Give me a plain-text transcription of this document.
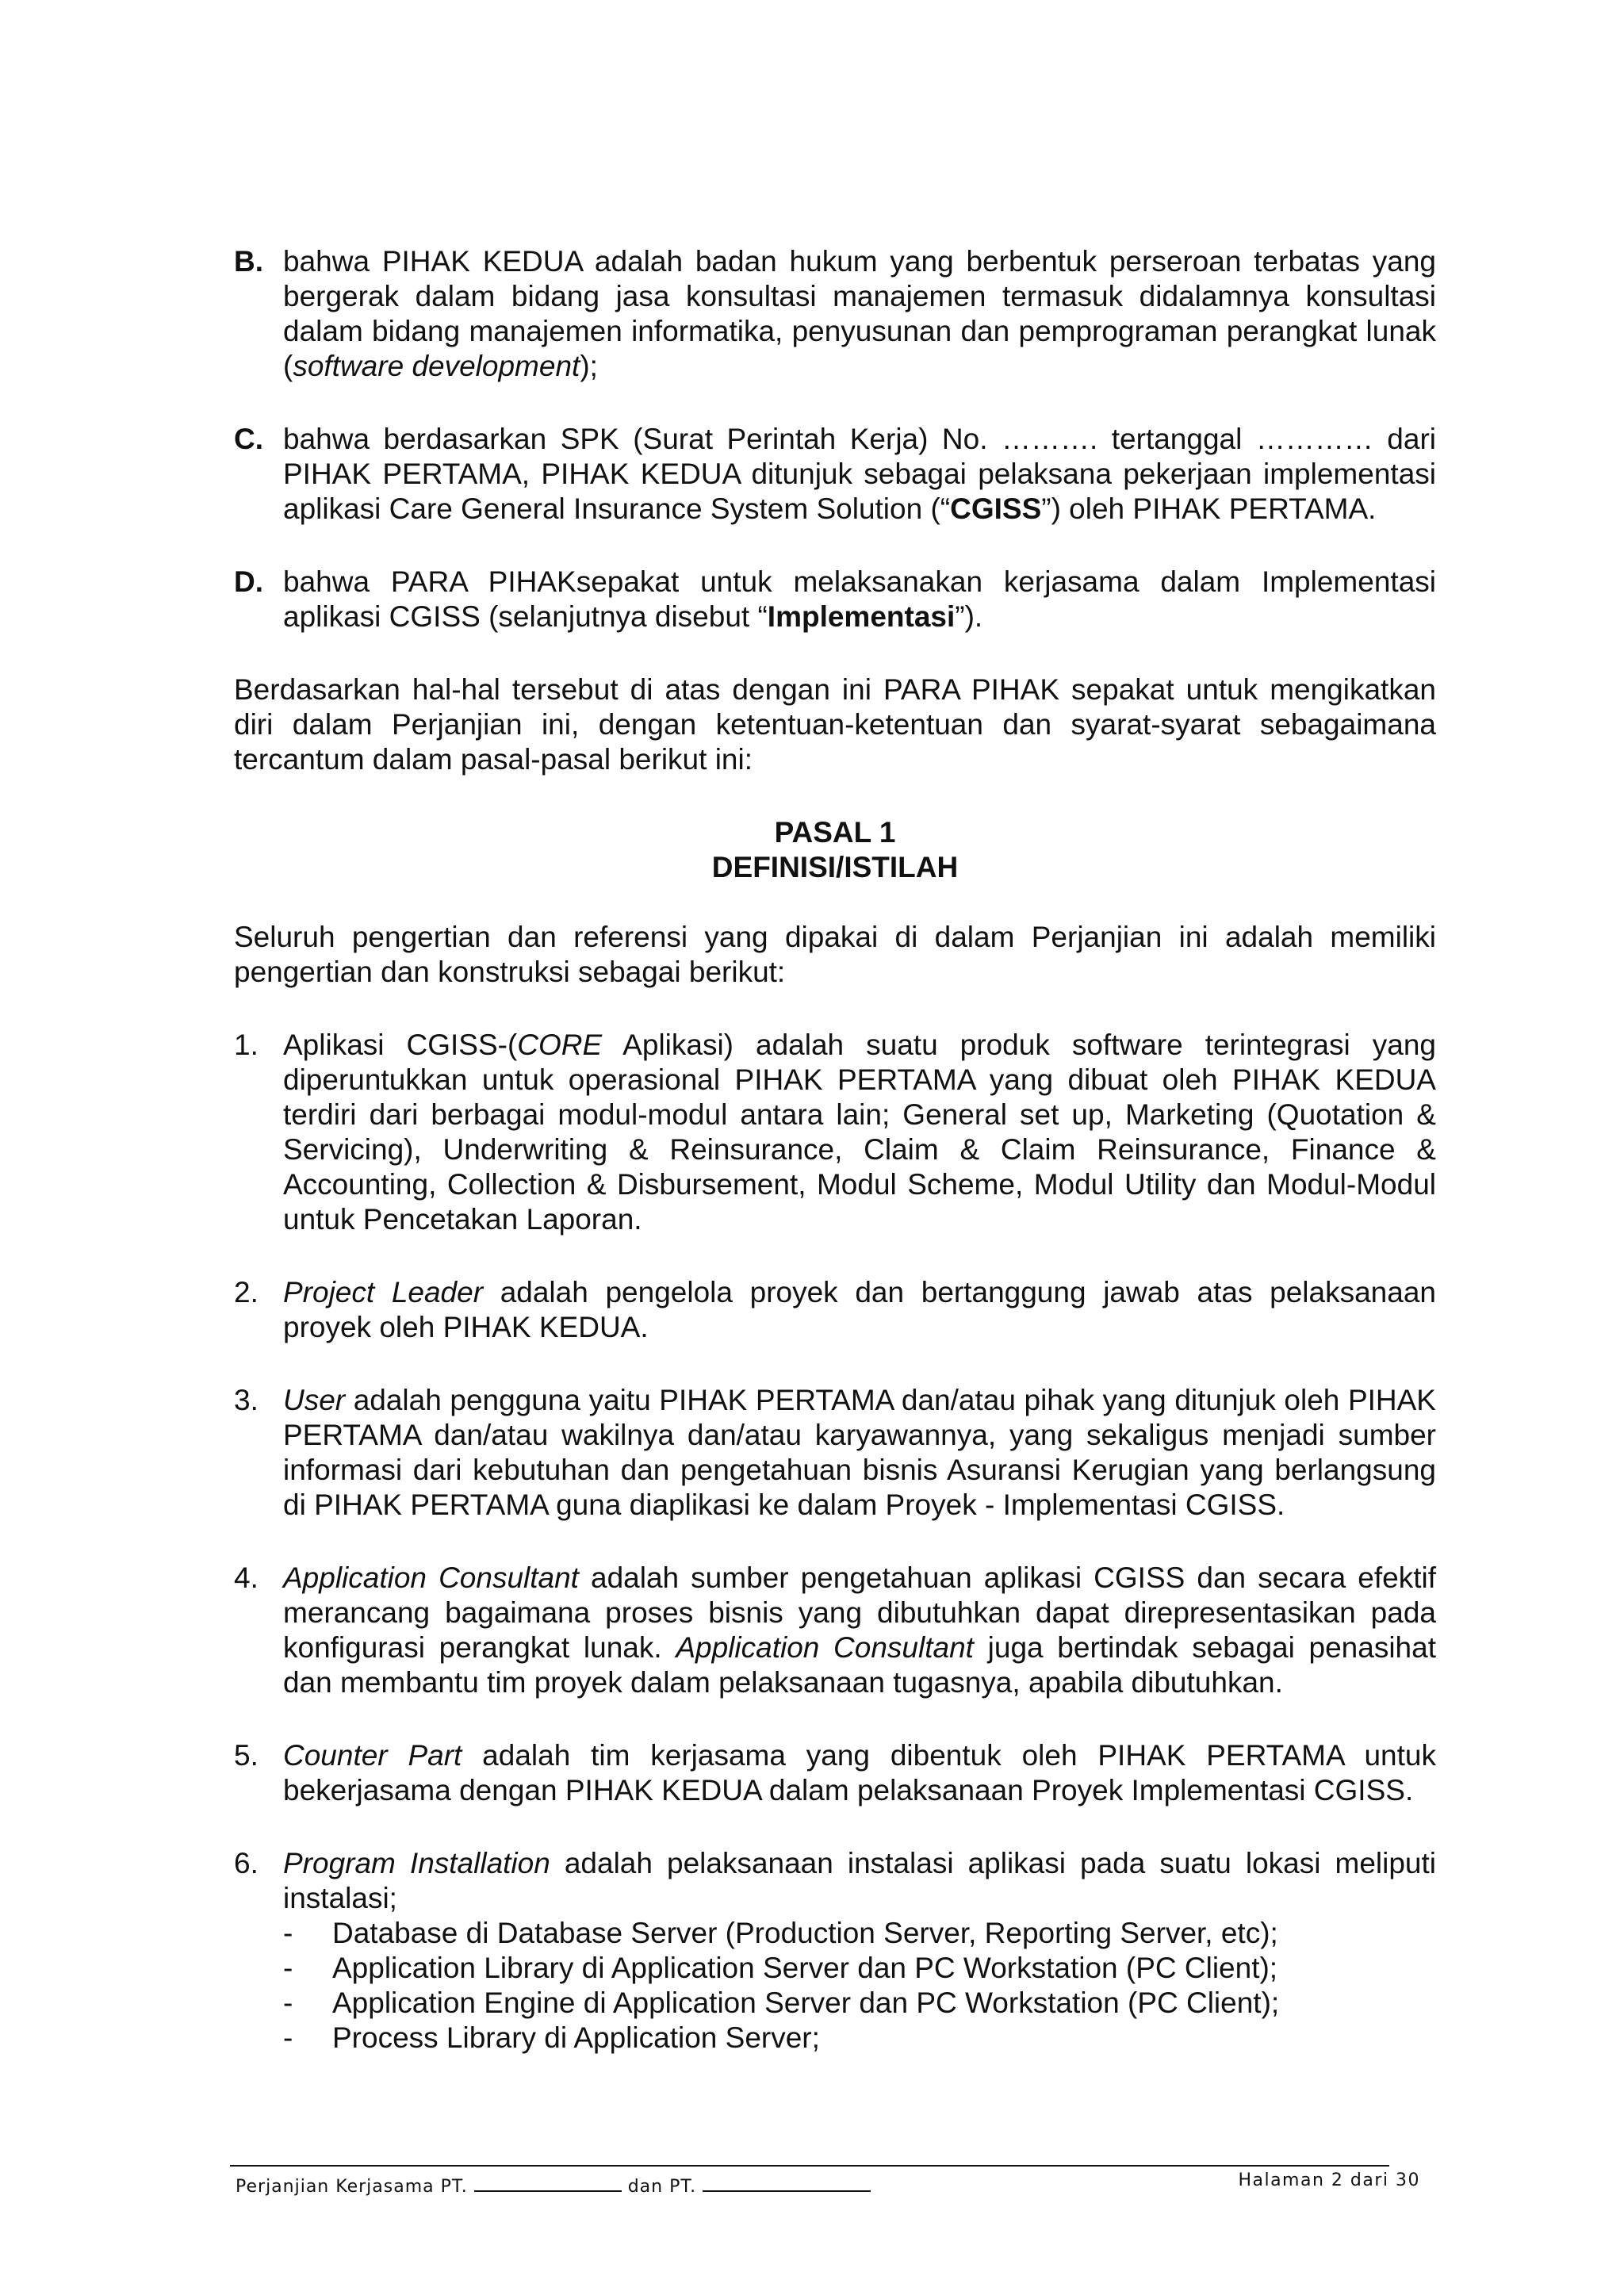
B. bahwa PIHAK KEDUA adalah badan hukum yang berbentuk perseroan terbatas yang bergerak dalam bidang jasa konsultasi manajemen termasuk didalamnya konsultasi dalam bidang manajemen informatika, penyusunan dan pemprograman perangkat lunak (software development);
C. bahwa berdasarkan SPK (Surat Perintah Kerja) No. ………. tertanggal ………… dari PIHAK PERTAMA, PIHAK KEDUA ditunjuk sebagai pelaksana pekerjaan implementasi aplikasi Care General Insurance System Solution (“CGISS”) oleh PIHAK PERTAMA.
D. bahwa PARA PIHAKsepakat untuk melaksanakan kerjasama dalam Implementasi aplikasi CGISS (selanjutnya disebut “Implementasi”).

Berdasarkan hal-hal tersebut di atas dengan ini PARA PIHAK sepakat untuk mengikatkan diri dalam Perjanjian ini, dengan ketentuan-ketentuan dan syarat-syarat sebagaimana tercantum dalam pasal-pasal berikut ini:

PASAL 1

DEFINISI/ISTILAH

Seluruh pengertian dan referensi yang dipakai di dalam Perjanjian ini adalah memiliki pengertian dan konstruksi sebagai berikut:

1. Aplikasi CGISS-(CORE Aplikasi) adalah suatu produk software terintegrasi yang diperuntukkan untuk operasional PIHAK PERTAMA yang dibuat oleh PIHAK KEDUA terdiri dari berbagai modul-modul antara lain; General set up, Marketing (Quotation & Servicing), Underwriting & Reinsurance, Claim & Claim Reinsurance, Finance & Accounting, Collection & Disbursement, Modul Scheme, Modul Utility dan Modul-Modul untuk Pencetakan Laporan.
2. Project Leader adalah pengelola proyek dan bertanggung jawab atas pelaksanaan proyek oleh PIHAK KEDUA.
3. User adalah pengguna yaitu PIHAK PERTAMA dan/atau pihak yang ditunjuk oleh PIHAK PERTAMA dan/atau wakilnya dan/atau karyawannya, yang sekaligus menjadi sumber informasi dari kebutuhan dan pengetahuan bisnis Asuransi Kerugian yang berlangsung di PIHAK PERTAMA guna diaplikasi ke dalam Proyek - Implementasi CGISS.
4. Application Consultant adalah sumber pengetahuan aplikasi CGISS dan secara efektif merancang bagaimana proses bisnis yang dibutuhkan dapat direpresentasikan pada konfigurasi perangkat lunak. Application Consultant juga bertindak sebagai penasihat dan membantu tim proyek dalam pelaksanaan tugasnya, apabila dibutuhkan.
5. Counter Part adalah tim kerjasama yang dibentuk oleh PIHAK PERTAMA untuk bekerjasama dengan PIHAK KEDUA dalam pelaksanaan Proyek Implementasi CGISS.
6. Program Installation adalah pelaksanaan instalasi aplikasi pada suatu lokasi meliputi instalasi;
- Database di Database Server (Production Server, Reporting Server, etc);
- Application Library di Application Server dan PC Workstation (PC Client);
- Application Engine di Application Server dan PC Workstation (PC Client);
- Process Library di Application Server;
Perjanjian Kerjasama PT.	dan PT.	Halaman 2 dari 30
